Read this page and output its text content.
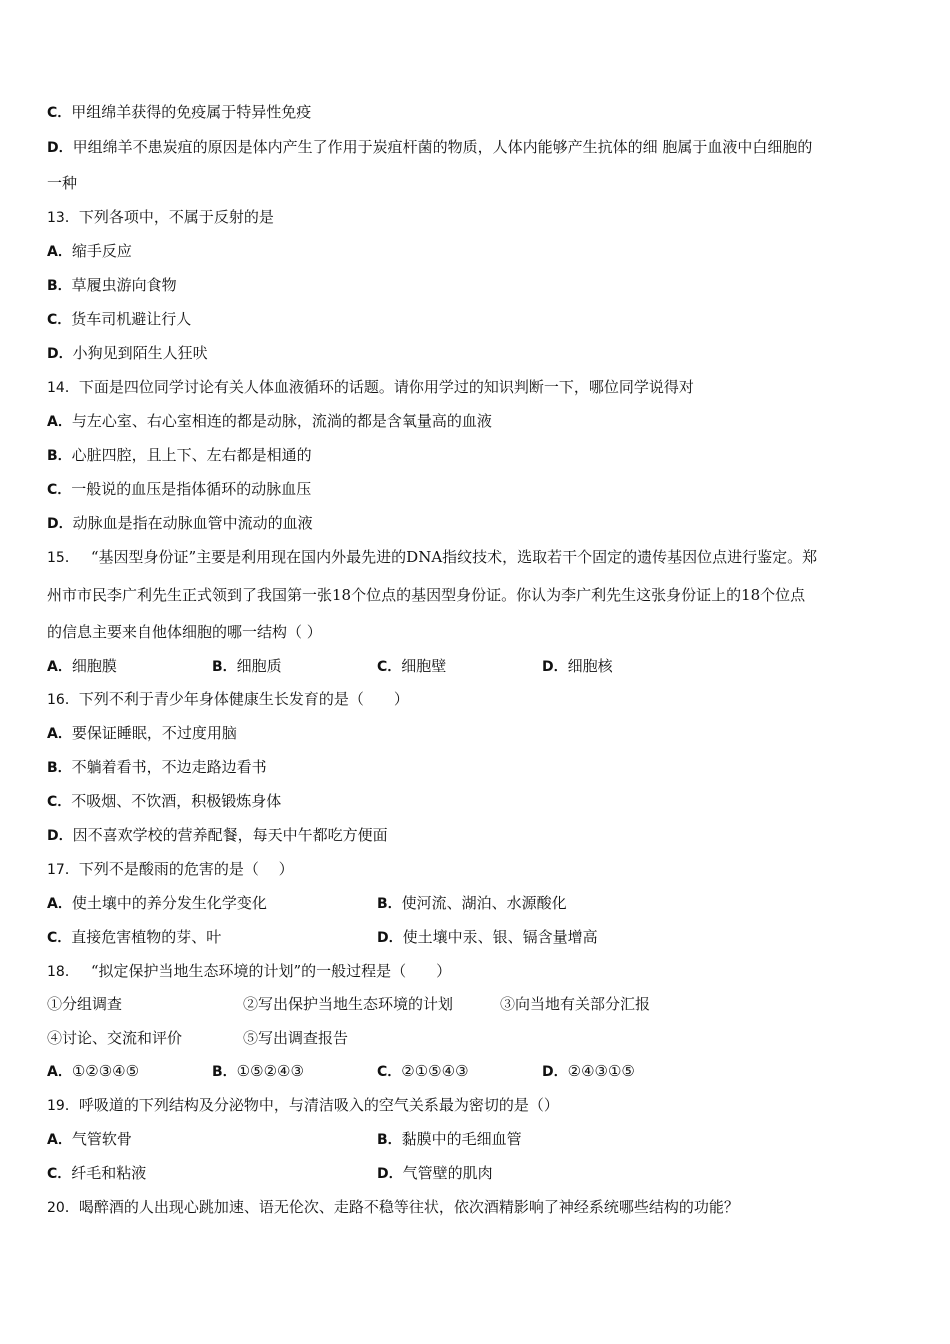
C．甲组绵羊获得的免疫属于特异性免疫
D．甲组绵羊不患炭疽的原因是体内产生了作用于炭疽杆菌的物质，人体内能够产生抗体的细 胞属于血液中白细胞的
一种
13．下列各项中，不属于反射的是
A．缩手反应
B．草履虫游向食物
C．货车司机避让行人
D．小狗见到陌生人狂吠
14．下面是四位同学讨论有关人体血液循环的话题。请你用学过的知识判断一下，哪位同学说得对
A．与左心室、右心室相连的都是动脉，流淌的都是含氧量高的血液
B．心脏四腔，且上下、左右都是相通的
C．一般说的血压是指体循环的动脉血压
D．动脉血是指在动脉血管中流动的血液
15． “基因型身份证”主要是利用现在国内外最先进的DNA指纹技术，选取若干个固定的遗传基因位点进行鉴定。郑
州市市民李广利先生正式领到了我国第一张18个位点的基因型身份证。你认为李广利先生这张身份证上的18个位点
的信息主要来自他体细胞的哪一结构（ ）
A．细胞膜	B．细胞质	C．细胞壁	D．细胞核
16．下列不利于青少年身体健康生长发育的是（　　）
A．要保证睡眠，不过度用脑
B．不躺着看书，不边走路边看书
C．不吸烟、不饮酒，积极锻炼身体
D．因不喜欢学校的营养配餐，每天中午都吃方便面
17．下列不是酸雨的危害的是（　 ）
A．使土壤中的养分发生化学变化	B．使河流、湖泊、水源酸化
C．直接危害植物的芽、叶	D．使土壤中汞、银、镉含量增高
18． “拟定保护当地生态环境的计划”的一般过程是（　　）
①分组调查	②写出保护当地生态环境的计划	③向当地有关部分汇报
④讨论、交流和评价	⑤写出调查报告
A．①②③④⑤	B．①⑤②④③	C．②①⑤④③	D．②④③①⑤
19．呼吸道的下列结构及分泌物中，与清洁吸入的空气关系最为密切的是（）
A．气管软骨	B．黏膜中的毛细血管
C．纤毛和粘液	D．气管壁的肌肉
20．喝醉酒的人出现心跳加速、语无伦次、走路不稳等往状，依次酒精影响了神经系统哪些结构的功能？
